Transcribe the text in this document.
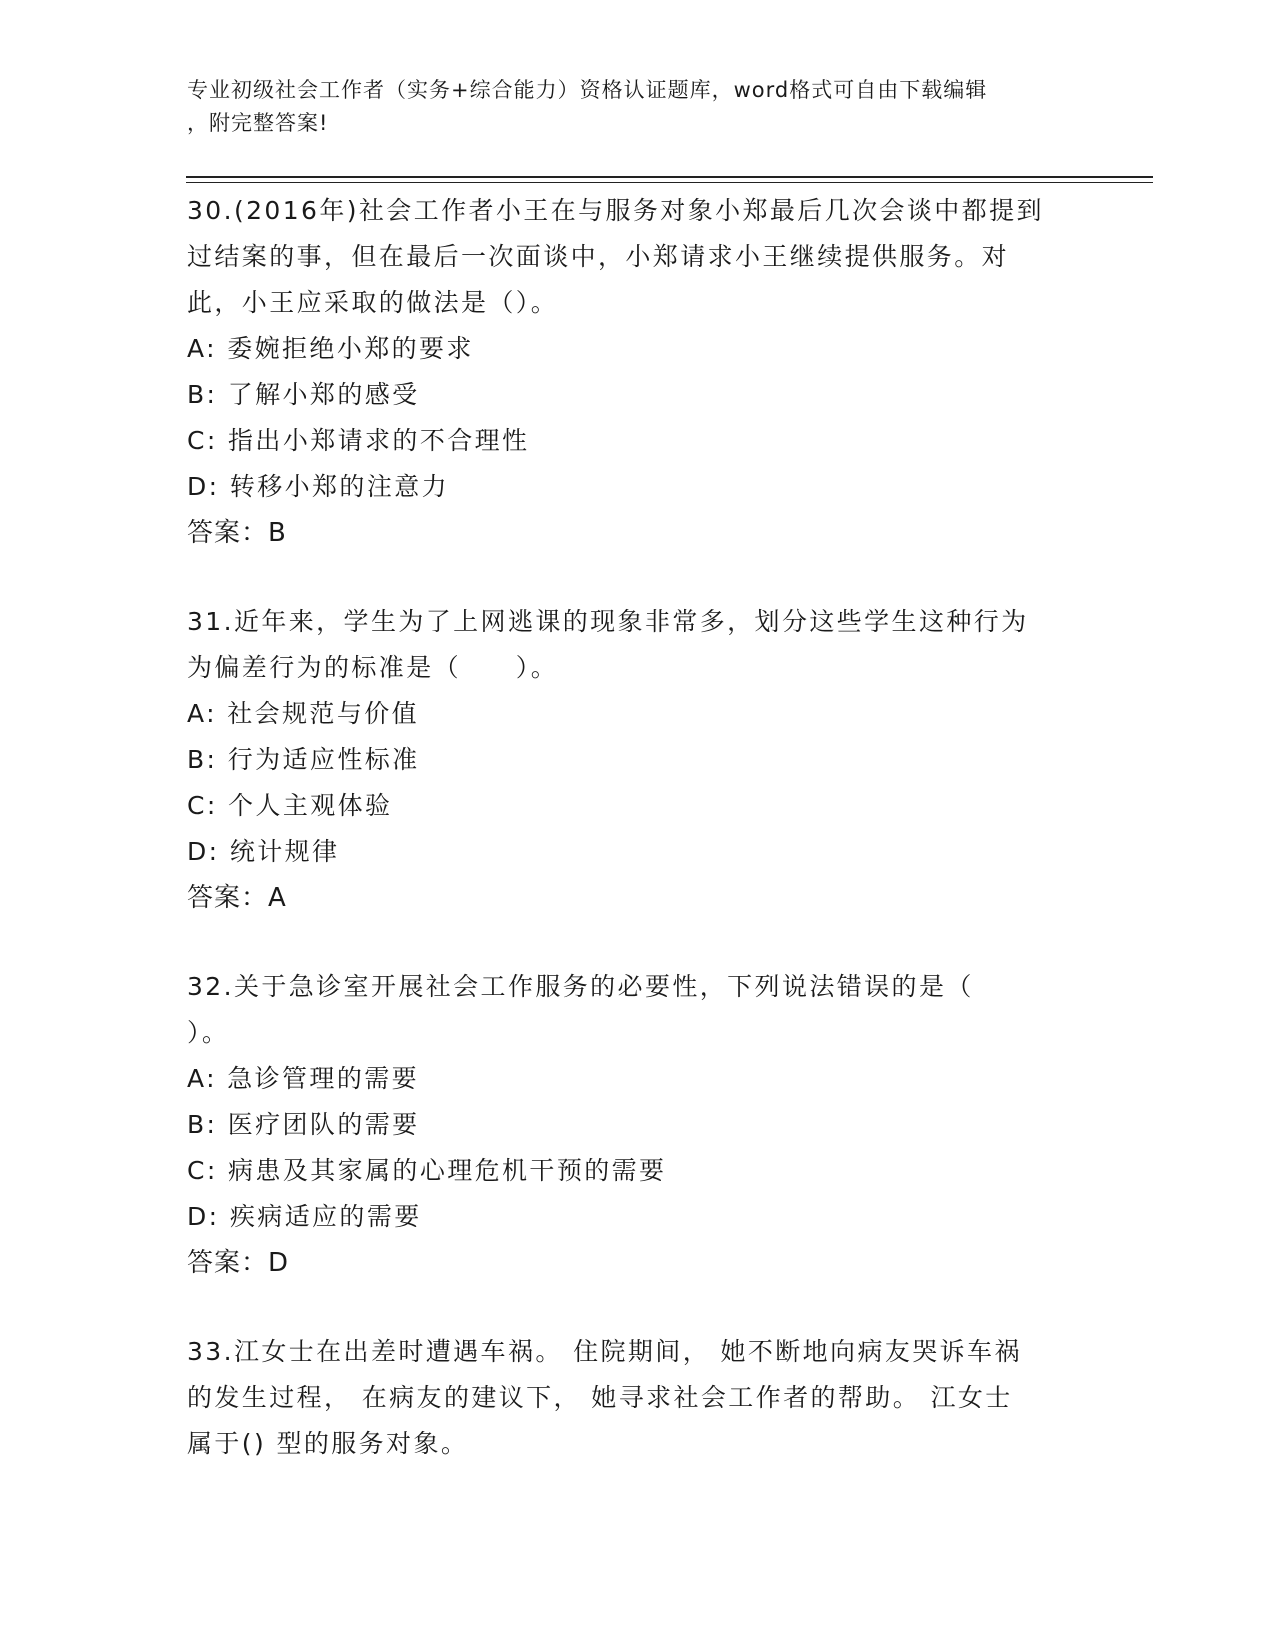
专业初级社会工作者（实务+综合能力）资格认证题库，word格式可自由下载编辑
，附完整答案!

30.(2016年)社会工作者小王在与服务对象小郑最后几次会谈中都提到

过结案的事，但在最后一次面谈中，小郑请求小王继续提供服务。对

此，小王应采取的做法是（）。

A: 委婉拒绝小郑的要求

B: 了解小郑的感受

C: 指出小郑请求的不合理性

D: 转移小郑的注意力

答案：B

31.近年来，学生为了上网逃课的现象非常多，划分这些学生这种行为

为偏差行为的标准是（　　）。

A: 社会规范与价值

B: 行为适应性标准

C: 个人主观体验

D: 统计规律

答案：A

32.关于急诊室开展社会工作服务的必要性，下列说法错误的是（

）。

A: 急诊管理的需要

B: 医疗团队的需要

C: 病患及其家属的心理危机干预的需要

D: 疾病适应的需要

答案：D

33.江女士在出差时遭遇车祸。 住院期间， 她不断地向病友哭诉车祸

的发生过程， 在病友的建议下， 她寻求社会工作者的帮助。 江女士

属于() 型的服务对象。
